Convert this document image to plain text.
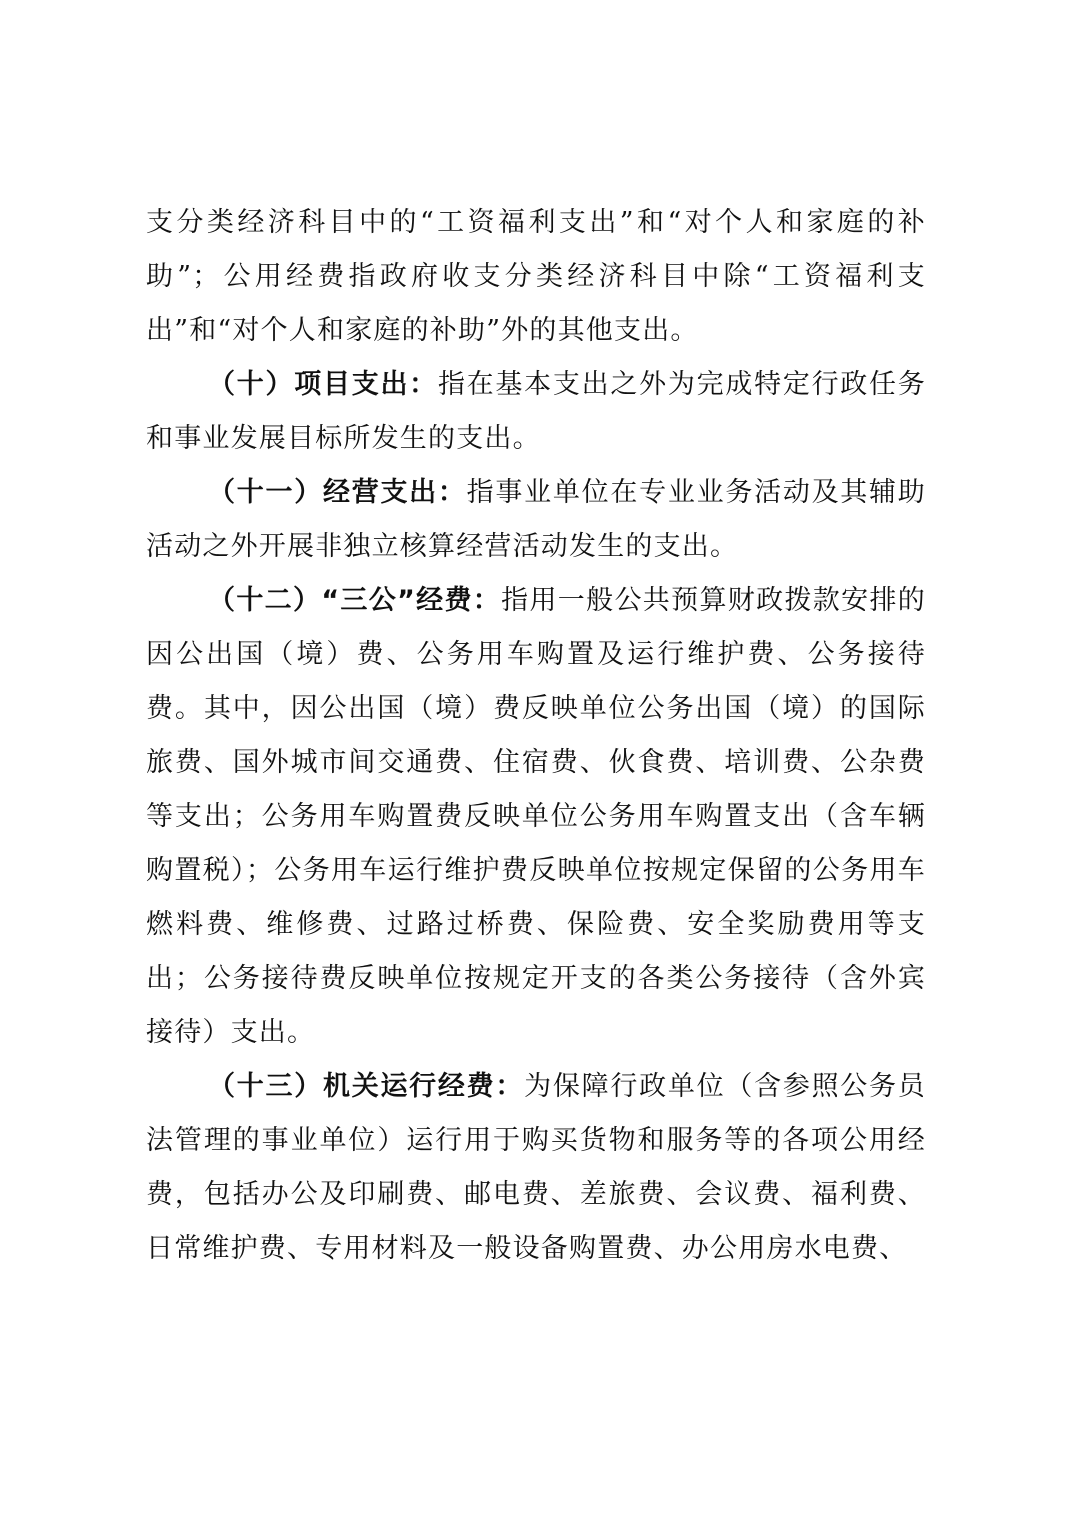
支分类经济科目中的“工资福利支出”和“对个人和家庭的补助”；公用经费指政府收支分类经济科目中除“工资福利支出”和“对个人和家庭的补助”外的其他支出。

（十）项目支出：指在基本支出之外为完成特定行政任务和事业发展目标所发生的支出。

（十一）经营支出：指事业单位在专业业务活动及其辅助活动之外开展非独立核算经营活动发生的支出。

（十二）“三公”经费：指用一般公共预算财政拨款安排的因公出国（境）费、公务用车购置及运行维护费、公务接待费。其中，因公出国（境）费反映单位公务出国（境）的国际旅费、国外城市间交通费、住宿费、伙食费、培训费、公杂费等支出；公务用车购置费反映单位公务用车购置支出（含车辆购置税）；公务用车运行维护费反映单位按规定保留的公务用车燃料费、维修费、过路过桥费、保险费、安全奖励费用等支出；公务接待费反映单位按规定开支的各类公务接待（含外宾接待）支出。

（十三）机关运行经费：为保障行政单位（含参照公务员法管理的事业单位）运行用于购买货物和服务等的各项公用经费，包括办公及印刷费、邮电费、差旅费、会议费、福利费、日常维护费、专用材料及一般设备购置费、办公用房水电费、
